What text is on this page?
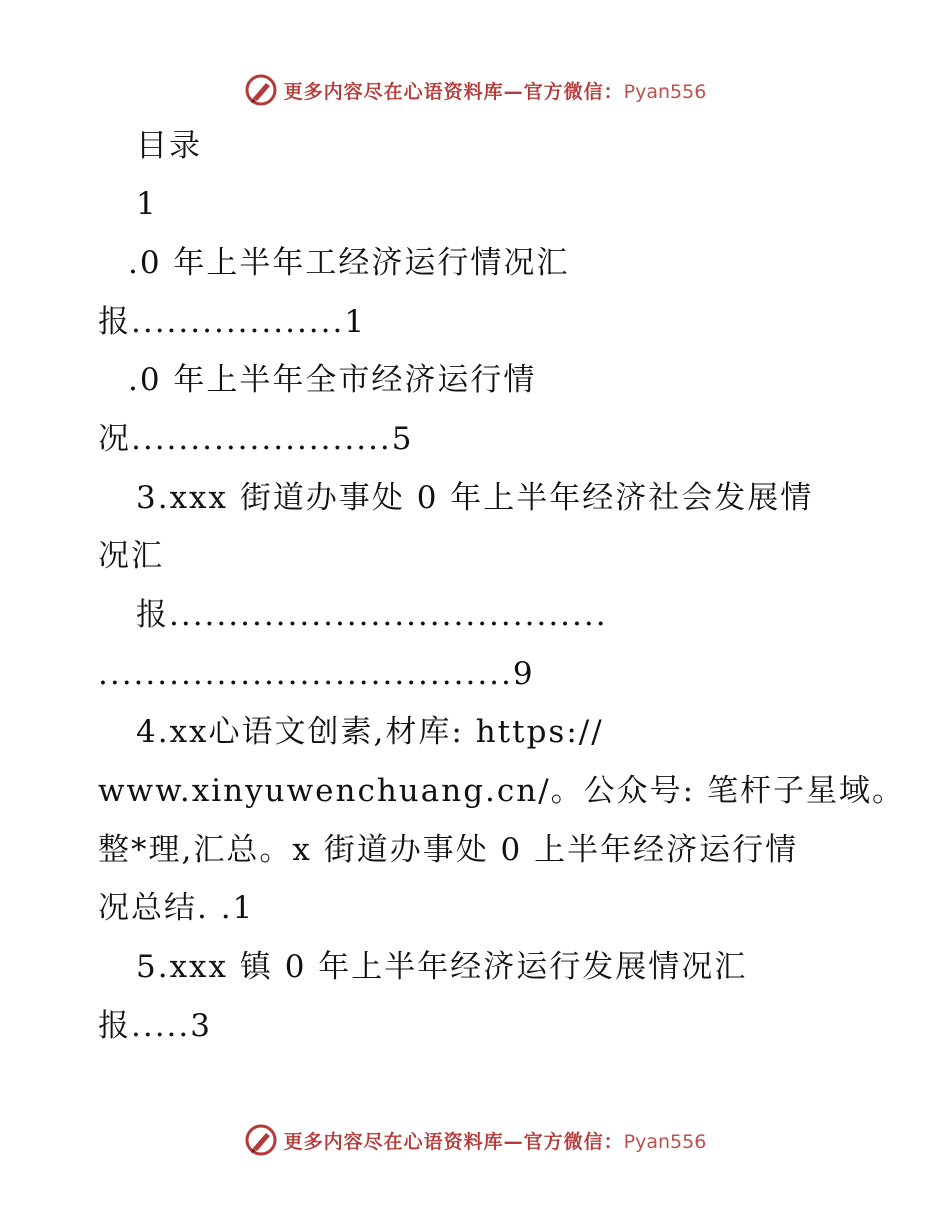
更多内容尽在心语资料库—官方微信：Pyan556
目录
1
.0 年上半年工经济运行情况汇
报..................1
.0 年上半年全市经济运行情
况......................5
3.xxx 街道办事处 0 年上半年经济社会发展情
况汇
报.....................................
...................................9
4.xx心语文创素,材库: https://
www.xinyuwenchuang.cn/。公众号: 笔杆子星域。
整*理,汇总。x 街道办事处 0 上半年经济运行情
况总结. .1
5.xxx 镇 0 年上半年经济运行发展情况汇
报.....3
更多内容尽在心语资料库—官方微信：Pyan556
